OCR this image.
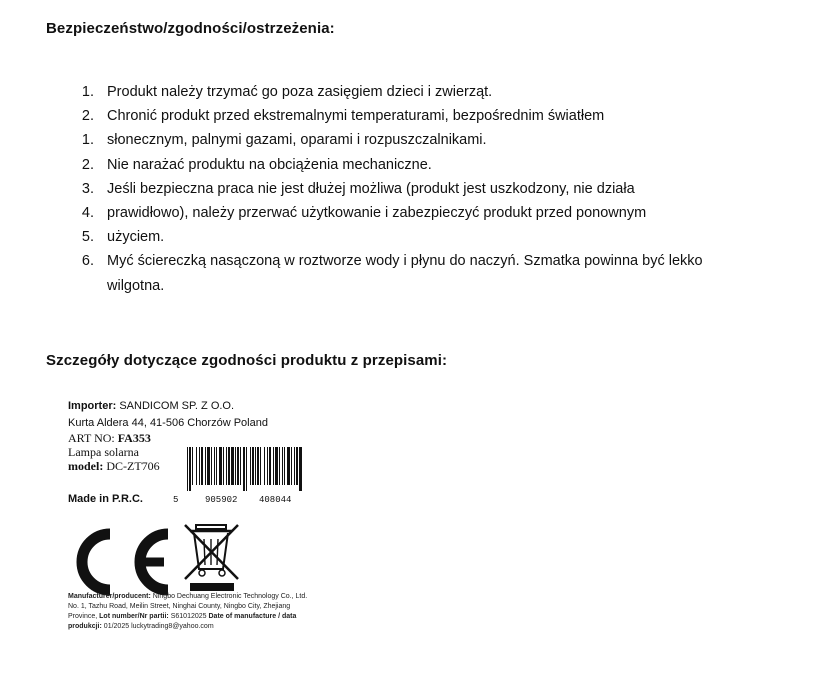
Bezpieczeństwo/zgodności/ostrzeżenia:
1. Produkt należy trzymać go poza zasięgiem dzieci i zwierząt.
2. Chronić produkt przed ekstremalnymi temperaturami, bezpośrednim światłem
1. słonecznym, palnymi gazami, oparami i rozpuszczalnikami.
2. Nie narażać produktu na obciążenia mechaniczne.
3. Jeśli bezpieczna praca nie jest dłużej możliwa (produkt jest uszkodzony, nie działa
4. prawidłowo), należy przerwać użytkowanie i zabezpieczyć produkt przed ponownym
5. użyciem.
6. Myć ściereczką nasączoną w roztworze wody i płynu do naczyń. Szmatka powinna być lekko
wilgotna.
Szczegóły dotyczące zgodności produktu z przepisami:
Importer: SANDICOM SP. Z O.O.
Kurta Aldera 44, 41-506 Chorzów Poland
ART NO: FA353
Lampa solarna
model: DC-ZT706
Made in P.R.C.	5	905902 408044
Manufacturer/producent: Ningbo Dechuang Electronic Technology Co., Ltd. No. 1, Tazhu Road, Meilin Street, Ninghai County, Ningbo City, Zhejiang Province, Lot number/Nr partii: S61012025 Date of manufacture / data produkcji: 01/2025 luckytrading8@yahoo.com
